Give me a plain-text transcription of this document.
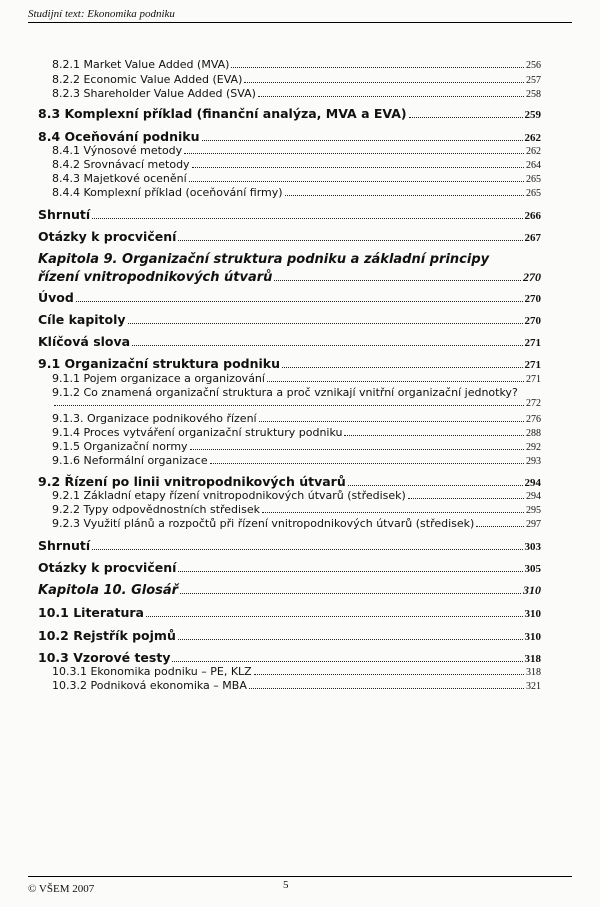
Studijní text: Ekonomika podniku
8.2.1 Market Value Added (MVA)	256
8.2.2 Economic Value Added (EVA)	257
8.2.3 Shareholder Value Added (SVA)	258
8.3 Komplexní příklad (finanční analýza, MVA a EVA)	259
8.4 Oceňování podniku	262
8.4.1 Výnosové metody	262
8.4.2 Srovnávací metody	264
8.4.3 Majetkové ocenění	265
8.4.4 Komplexní příklad (oceňování firmy)	265
Shrnutí	266
Otázky k procvičení	267
Kapitola 9. Organizační struktura podniku a základní principy
řízení vnitropodnikových útvarů	270
Úvod	270
Cíle kapitoly	270
Klíčová slova	271
9.1 Organizační struktura podniku	271
9.1.1 Pojem organizace a organizování	271
9.1.2 Co znamená organizační struktura a proč vznikají vnitřní organizační jednotky?
272
9.1.3. Organizace podnikového řízení	276
9.1.4 Proces vytváření organizační struktury podniku	288
9.1.5 Organizační normy	292
9.1.6 Neformální organizace	293
9.2 Řízení po linii vnitropodnikových útvarů	294
9.2.1 Základní etapy řízení vnitropodnikových útvarů (středisek)	294
9.2.2 Typy odpovědnostních středisek	295
9.2.3 Využití plánů a rozpočtů při řízení vnitropodnikových útvarů (středisek)	297
Shrnutí	303
Otázky k procvičení	305
Kapitola 10. Glosář	310
10.1 Literatura	310
10.2 Rejstřík pojmů	310
10.3 Vzorové testy	318
10.3.1 Ekonomika podniku – PE, KLZ	318
10.3.2 Podniková ekonomika – MBA	321
© VŠEM 2007	5
